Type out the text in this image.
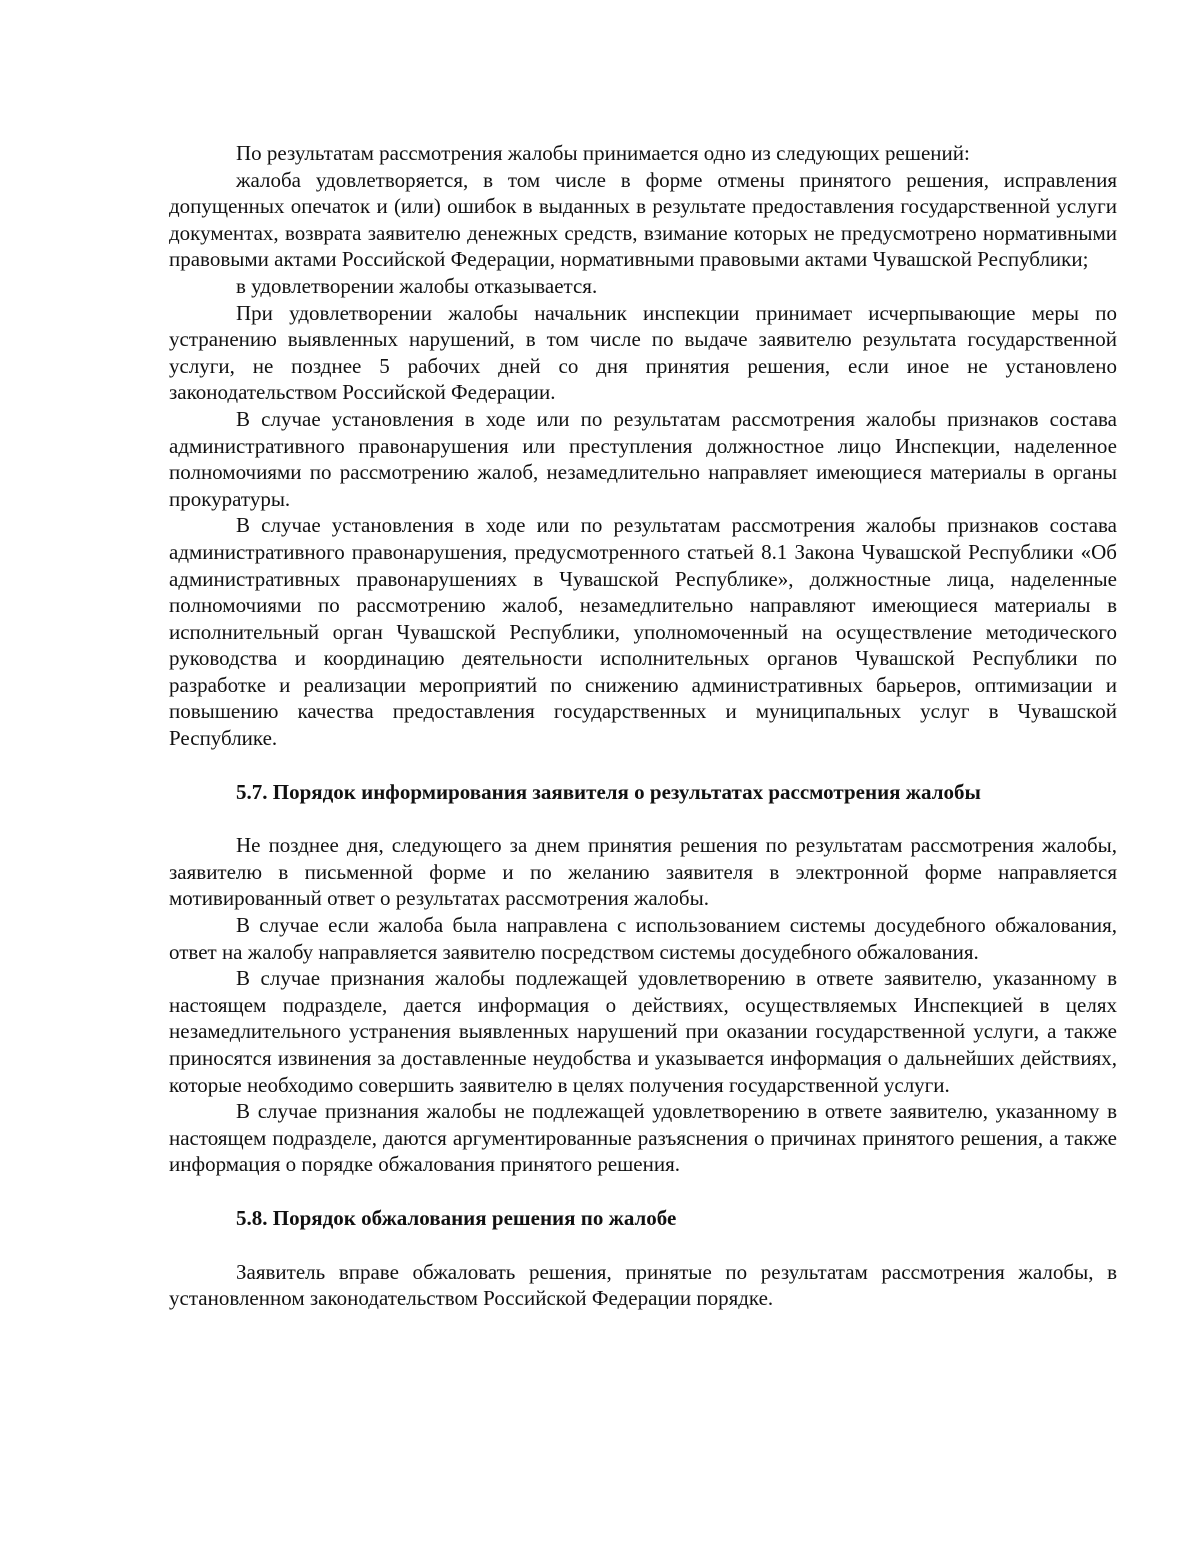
По результатам рассмотрения жалобы принимается одно из следующих решений:

жалоба удовлетворяется, в том числе в форме отмены принятого решения, исправления допущенных опечаток и (или) ошибок в выданных в результате предоставления государственной услуги документах, возврата заявителю денежных средств, взимание которых не предусмотрено нормативными правовыми актами Российской Федерации, нормативными правовыми актами Чувашской Республики;

в удовлетворении жалобы отказывается.

При удовлетворении жалобы начальник инспекции принимает исчерпывающие меры по устранению выявленных нарушений, в том числе по выдаче заявителю результата государственной услуги, не позднее 5 рабочих дней со дня принятия решения, если иное не установлено законодательством Российской Федерации.

В случае установления в ходе или по результатам рассмотрения жалобы признаков состава административного правонарушения или преступления должностное лицо Инспекции, наделенное полномочиями по рассмотрению жалоб, незамедлительно направляет имеющиеся материалы в органы прокуратуры.

В случае установления в ходе или по результатам рассмотрения жалобы признаков состава административного правонарушения, предусмотренного статьей 8.1 Закона Чувашской Республики «Об административных правонарушениях в Чувашской Республике», должностные лица, наделенные полномочиями по рассмотрению жалоб, незамедлительно направляют имеющиеся материалы в исполнительный орган Чувашской Республики, уполномоченный на осуществление методического руководства и координацию деятельности исполнительных органов Чувашской Республики по разработке и реализации мероприятий по снижению административных барьеров, оптимизации и повышению качества предоставления государственных и муниципальных услуг в Чувашской Республике.

5.7. Порядок информирования заявителя о результатах рассмотрения жалобы

Не позднее дня, следующего за днем принятия решения по результатам рассмотрения жалобы, заявителю в письменной форме и по желанию заявителя в электронной форме направляется мотивированный ответ о результатах рассмотрения жалобы.

В случае если жалоба была направлена с использованием системы досудебного обжалования, ответ на жалобу направляется заявителю посредством системы досудебного обжалования.

В случае признания жалобы подлежащей удовлетворению в ответе заявителю, указанному в настоящем подразделе, дается информация о действиях, осуществляемых Инспекцией в целях незамедлительного устранения выявленных нарушений при оказании государственной услуги, а также приносятся извинения за доставленные неудобства и указывается информация о дальнейших действиях, которые необходимо совершить заявителю в целях получения государственной услуги.

В случае признания жалобы не подлежащей удовлетворению в ответе заявителю, указанному в настоящем подразделе, даются аргументированные разъяснения о причинах принятого решения, а также информация о порядке обжалования принятого решения.

5.8. Порядок обжалования решения по жалобе

Заявитель вправе обжаловать решения, принятые по результатам рассмотрения жалобы, в установленном законодательством Российской Федерации порядке.
